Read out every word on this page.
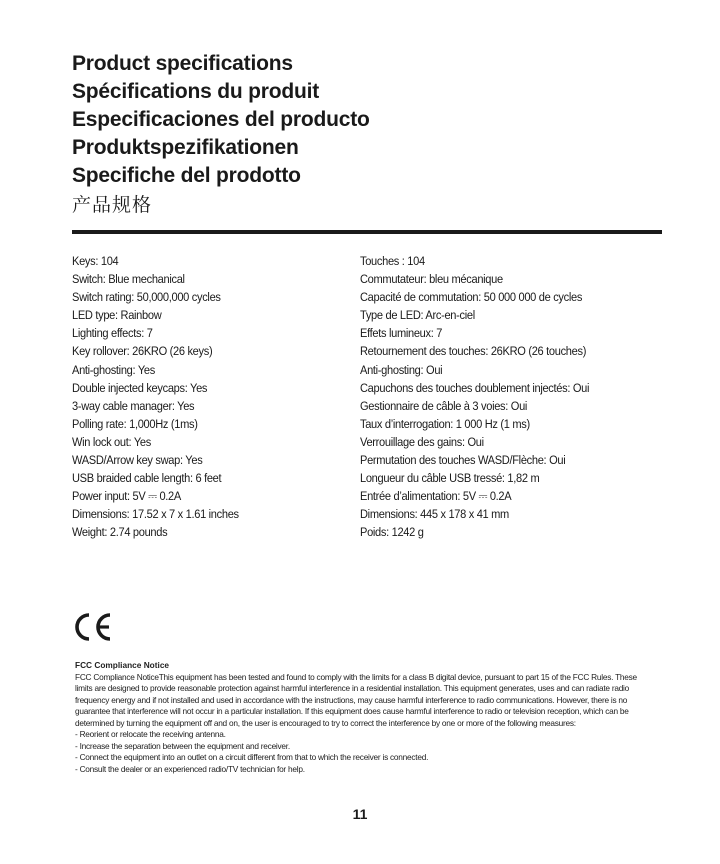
Product specifications
Spécifications du produit
Especificaciones del producto
Produktspezifikationen
Specifiche del prodotto
产品规格
Keys: 104
Switch: Blue mechanical
Switch rating: 50,000,000 cycles
LED type: Rainbow
Lighting effects: 7
Key rollover: 26KRO (26 keys)
Anti-ghosting: Yes
Double injected keycaps: Yes
3-way cable manager: Yes
Polling rate: 1,000Hz (1ms)
Win lock out: Yes
WASD/Arrow key swap: Yes
USB braided cable length: 6 feet
Power input: 5V ⎓ 0.2A
Dimensions: 17.52 x 7 x 1.61 inches
Weight: 2.74 pounds
Touches : 104
Commutateur: bleu mécanique
Capacité de commutation: 50 000 000 de cycles
Type de LED: Arc-en-ciel
Effets lumineux: 7
Retournement des touches: 26KRO (26 touches)
Anti-ghosting: Oui
Capuchons des touches doublement injectés: Oui
Gestionnaire de câble à 3 voies: Oui
Taux d’interrogation: 1 000 Hz (1 ms)
Verrouillage des gains: Oui
Permutation des touches WASD/Flèche: Oui
Longueur du câble USB tressé: 1,82 m
Entrée d’alimentation: 5V ⎓ 0.2A
Dimensions: 445 x 178 x 41 mm
Poids: 1242 g
FCC Compliance Notice
FCC Compliance NoticeThis equipment has been tested and found to comply with the limits for a class B digital device, pursuant to part 15 of the FCC Rules. These limits are designed to provide reasonable protection against harmful interference in a residential installation. This equipment generates, uses and can radiate radio frequency energy and if not installed and used in accordance with the instructions, may cause harmful interference to radio communications. However, there is no guarantee that interference will not occur in a particular installation. If this equipment does cause harmful interference to radio or television reception, which can be determined by turning the equipment off and on, the user is encouraged to try to correct the interference by one or more of the following measures:
- Reorient or relocate the receiving antenna.
- Increase the separation between the equipment and receiver.
- Connect the equipment into an outlet on a circuit different from that to which the receiver is connected.
- Consult the dealer or an experienced radio/TV technician for help.
11
